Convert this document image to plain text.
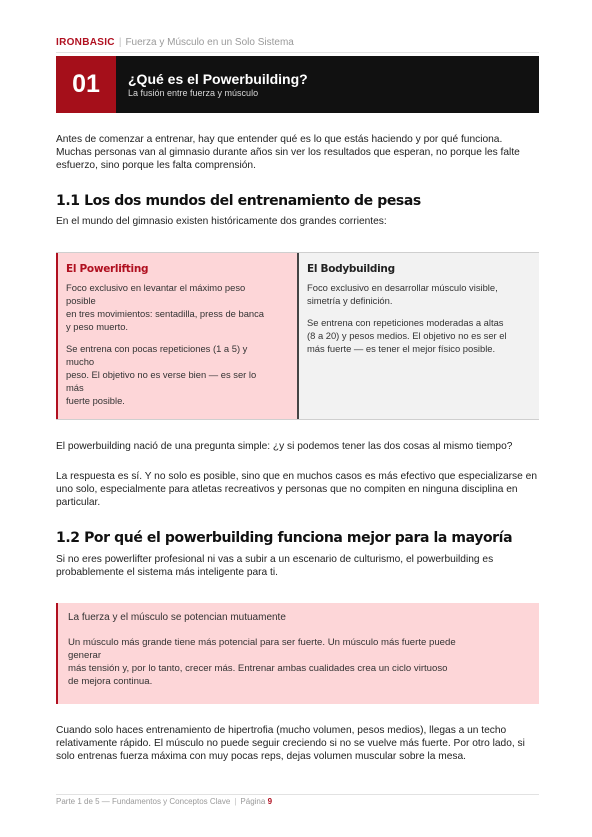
IRONBASIC | Fuerza y Músculo en un Solo Sistema
01	¿Qué es el Powerbuilding?
La fusión entre fuerza y músculo
Antes de comenzar a entrenar, hay que entender qué es lo que estás haciendo y por qué funciona. Muchas personas van al gimnasio durante años sin ver los resultados que esperan, no porque les falte esfuerzo, sino porque les falta comprensión.
1.1 Los dos mundos del entrenamiento de pesas
En el mundo del gimnasio existen históricamente dos grandes corrientes:
El Powerlifting
Foco exclusivo en levantar el máximo peso
posible
en tres movimientos: sentadilla, press de banca
y peso muerto.
Se entrena con pocas repeticiones (1 a 5) y
mucho
peso. El objetivo no es verse bien — es ser lo
más
fuerte posible.
El Bodybuilding
Foco exclusivo en desarrollar músculo visible,
simetría y definición.
Se entrena con repeticiones moderadas a altas
(8 a 20) y pesos medios. El objetivo no es ser el
más fuerte — es tener el mejor físico posible.
El powerbuilding nació de una pregunta simple: ¿y si podemos tener las dos cosas al mismo tiempo?
La respuesta es sí. Y no solo es posible, sino que en muchos casos es más efectivo que especializarse en uno solo, especialmente para atletas recreativos y personas que no compiten en ninguna disciplina en particular.
1.2 Por qué el powerbuilding funciona mejor para la mayoría
Si no eres powerlifter profesional ni vas a subir a un escenario de culturismo, el powerbuilding es probablemente el sistema más inteligente para ti.
La fuerza y el músculo se potencian mutuamente
Un músculo más grande tiene más potencial para ser fuerte. Un músculo más fuerte puede
generar
más tensión y, por lo tanto, crecer más. Entrenar ambas cualidades crea un ciclo virtuoso
de mejora continua.
Cuando solo haces entrenamiento de hipertrofia (mucho volumen, pesos medios), llegas a un techo relativamente rápido. El músculo no puede seguir creciendo si no se vuelve más fuerte. Por otro lado, si solo entrenas fuerza máxima con muy pocas reps, dejas volumen muscular sobre la mesa.
Parte 1 de 5 — Fundamentos y Conceptos Clave | Página 9
